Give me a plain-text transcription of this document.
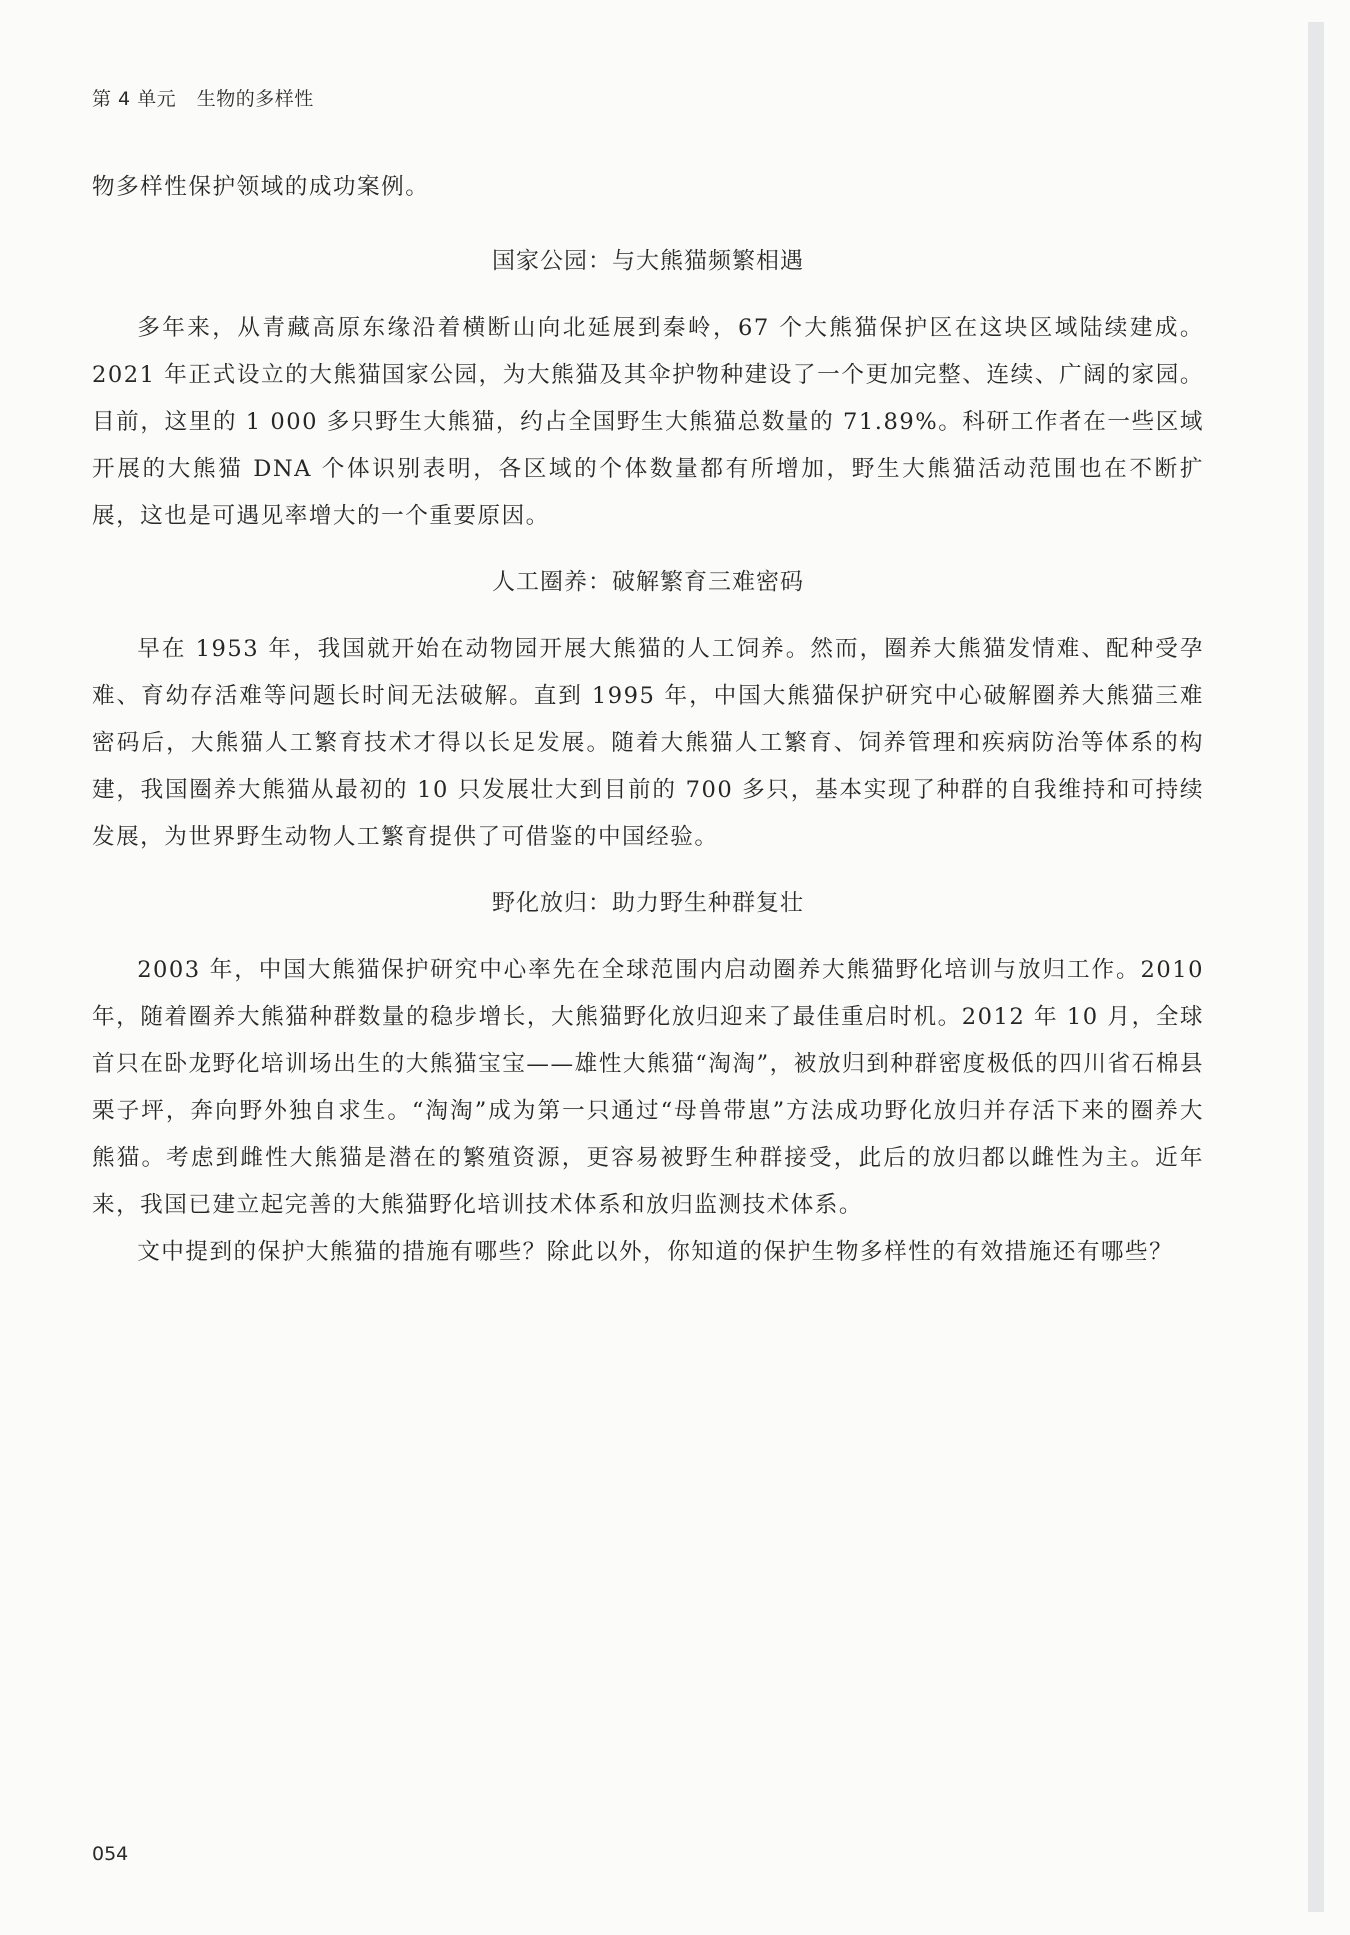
第 4 单元 生物的多样性

物多样性保护领域的成功案例。

国家公园：与大熊猫频繁相遇

多年来，从青藏高原东缘沿着横断山向北延展到秦岭，67 个大熊猫保护区在这块区域陆续建成。2021 年正式设立的大熊猫国家公园，为大熊猫及其伞护物种建设了一个更加完整、连续、广阔的家园。目前，这里的 1 000 多只野生大熊猫，约占全国野生大熊猫总数量的 71.89%。科研工作者在一些区域开展的大熊猫 DNA 个体识别表明，各区域的个体数量都有所增加，野生大熊猫活动范围也在不断扩展，这也是可遇见率增大的一个重要原因。

人工圈养：破解繁育三难密码

早在 1953 年，我国就开始在动物园开展大熊猫的人工饲养。然而，圈养大熊猫发情难、配种受孕难、育幼存活难等问题长时间无法破解。直到 1995 年，中国大熊猫保护研究中心破解圈养大熊猫三难密码后，大熊猫人工繁育技术才得以长足发展。随着大熊猫人工繁育、饲养管理和疾病防治等体系的构建，我国圈养大熊猫从最初的 10 只发展壮大到目前的 700 多只，基本实现了种群的自我维持和可持续发展，为世界野生动物人工繁育提供了可借鉴的中国经验。

野化放归：助力野生种群复壮

2003 年，中国大熊猫保护研究中心率先在全球范围内启动圈养大熊猫野化培训与放归工作。2010 年，随着圈养大熊猫种群数量的稳步增长，大熊猫野化放归迎来了最佳重启时机。2012 年 10 月，全球首只在卧龙野化培训场出生的大熊猫宝宝——雄性大熊猫“淘淘”，被放归到种群密度极低的四川省石棉县栗子坪，奔向野外独自求生。“淘淘”成为第一只通过“母兽带崽”方法成功野化放归并存活下来的圈养大熊猫。考虑到雌性大熊猫是潜在的繁殖资源，更容易被野生种群接受，此后的放归都以雌性为主。近年来，我国已建立起完善的大熊猫野化培训技术体系和放归监测技术体系。

文中提到的保护大熊猫的措施有哪些？除此以外，你知道的保护生物多样性的有效措施还有哪些？

054
